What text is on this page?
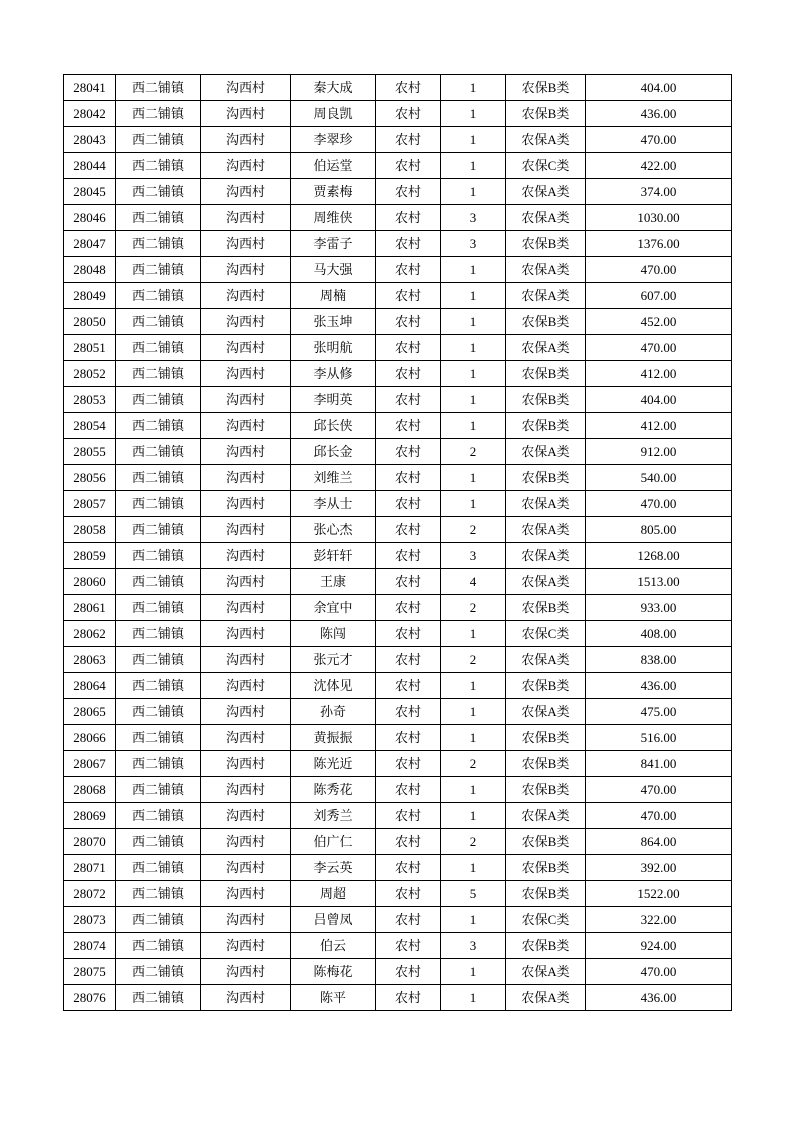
28041	西二铺镇	沟西村	秦大成	农村	1	农保B类	404.00
28042	西二铺镇	沟西村	周良凯	农村	1	农保B类	436.00
28043	西二铺镇	沟西村	李翠珍	农村	1	农保A类	470.00
28044	西二铺镇	沟西村	伯运堂	农村	1	农保C类	422.00
28045	西二铺镇	沟西村	贾素梅	农村	1	农保A类	374.00
28046	西二铺镇	沟西村	周维侠	农村	3	农保A类	1030.00
28047	西二铺镇	沟西村	李雷子	农村	3	农保B类	1376.00
28048	西二铺镇	沟西村	马大强	农村	1	农保A类	470.00
28049	西二铺镇	沟西村	周楠	农村	1	农保A类	607.00
28050	西二铺镇	沟西村	张玉坤	农村	1	农保B类	452.00
28051	西二铺镇	沟西村	张明航	农村	1	农保A类	470.00
28052	西二铺镇	沟西村	李从修	农村	1	农保B类	412.00
28053	西二铺镇	沟西村	李明英	农村	1	农保B类	404.00
28054	西二铺镇	沟西村	邱长侠	农村	1	农保B类	412.00
28055	西二铺镇	沟西村	邱长金	农村	2	农保A类	912.00
28056	西二铺镇	沟西村	刘维兰	农村	1	农保B类	540.00
28057	西二铺镇	沟西村	李从士	农村	1	农保A类	470.00
28058	西二铺镇	沟西村	张心杰	农村	2	农保A类	805.00
28059	西二铺镇	沟西村	彭轩轩	农村	3	农保A类	1268.00
28060	西二铺镇	沟西村	王康	农村	4	农保A类	1513.00
28061	西二铺镇	沟西村	余宜中	农村	2	农保B类	933.00
28062	西二铺镇	沟西村	陈闯	农村	1	农保C类	408.00
28063	西二铺镇	沟西村	张元才	农村	2	农保A类	838.00
28064	西二铺镇	沟西村	沈体见	农村	1	农保B类	436.00
28065	西二铺镇	沟西村	孙奇	农村	1	农保A类	475.00
28066	西二铺镇	沟西村	黄振振	农村	1	农保B类	516.00
28067	西二铺镇	沟西村	陈光近	农村	2	农保B类	841.00
28068	西二铺镇	沟西村	陈秀花	农村	1	农保B类	470.00
28069	西二铺镇	沟西村	刘秀兰	农村	1	农保A类	470.00
28070	西二铺镇	沟西村	伯广仁	农村	2	农保B类	864.00
28071	西二铺镇	沟西村	李云英	农村	1	农保B类	392.00
28072	西二铺镇	沟西村	周超	农村	5	农保B类	1522.00
28073	西二铺镇	沟西村	吕曾凤	农村	1	农保C类	322.00
28074	西二铺镇	沟西村	伯云	农村	3	农保B类	924.00
28075	西二铺镇	沟西村	陈梅花	农村	1	农保A类	470.00
28076	西二铺镇	沟西村	陈平	农村	1	农保A类	436.00
